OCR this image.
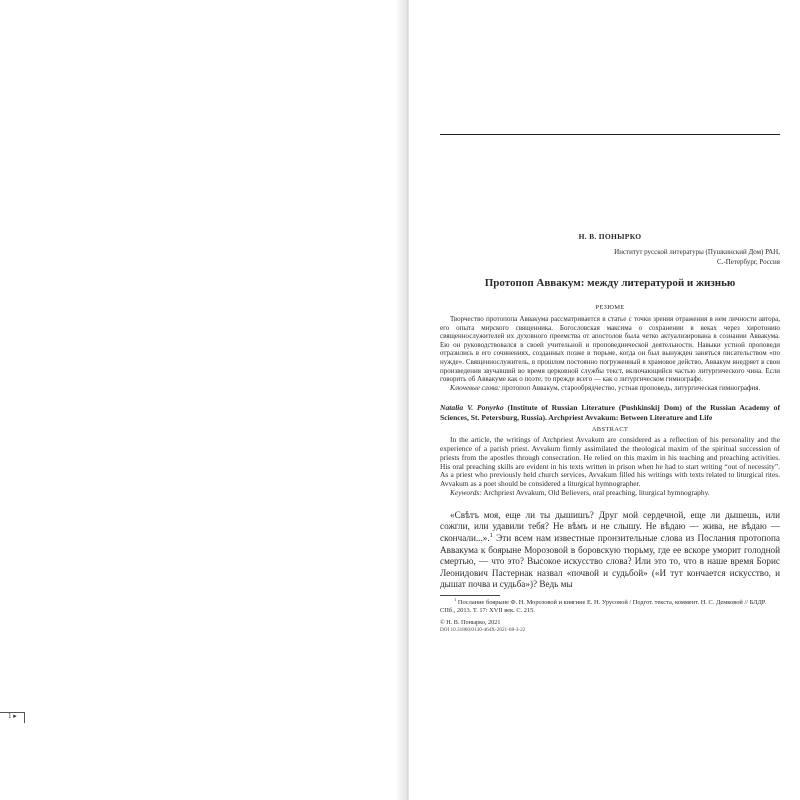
1 ▸
Н. В. ПОНЫРКО
Институт русской литературы (Пушкинский Дом) РАН,
С.-Петербург, Россия
Протопоп Аввакум: между литературой и жизнью
РЕЗЮМЕ

Творчество протопопа Аввакума рассматривается в статье с точки зрения отражения в нем личности автора, его опыта мирского священника. Богословская максима о сохранении в веках через хиротонию священнослужителей их духовного преемства от апостолов была четко актуализирована в сознании Аввакума. Ею он руководствовался в своей учительной и проповеднической деятельности. Навыки устной проповеди отразились в его сочинениях, созданных позже в тюрьме, когда он был вынужден заняться писательством «по нужде». Священнослужитель, в прошлом постоянно погруженный в храмовое действо, Аввакум внедряет в свои произведения звучавший во время церковной службы текст, включающийся частью литургического чина. Если говорить об Аввакуме как о поэте, то прежде всего — как о литургическом гимнографе.

Ключевые слова: протопоп Аввакум, старообрядчество, устная проповедь, литургическая гимнография.

Natalia V. Ponyrko (Institute of Russian Literature (Pushkinskij Dom) of the Russian Academy of Sciences, St. Petersburg, Russia). Archpriest Avvakum: Between Literature and Life
ABSTRACT

In the article, the writings of Archpriest Avvakum are considered as a reflection of his personality and the experience of a parish priest. Avvakum firmly assimilated the theological maxim of the spiritual succession of priests from the apostles through consecration. He relied on this maxim in his teaching and preaching activities. His oral preaching skills are evident in his texts written in prison when he had to start writing “out of necessity”. As a priest who previously held church services, Avvakum filled his writings with texts related to liturgical rites. Avvakum as a poet should be considered a liturgical hymnographer.

Keywords: Archpriest Avvakum, Old Believers, oral preaching, liturgical hymnography.

«Свѣтъ моя, еще ли ты дышишъ? Друг мой сердечной, еще ли дышешь, или сожгли, или удавили тебя? Не вѣмъ и не слышу. Не вѣдаю — жива, не вѣдаю — скончали...».$^1$ Эти всем нам известные пронзительные слова из Послания протопопа Аввакума к боярыне Морозовой в боровскую тюрьму, где ее вскоре уморит голодной смертью, — что это? Высокое искусство слова? Или это то, что в наше время Борис Леонидович Пастернак назвал «почвой и судьбой» («И тут кончается искусство, и дышат почва и судьба»)? Ведь мы

$^1$ Послание боярыне Ф. Н. Морозовой и княгине Е. Н. Урусовой / Подгот. текста, коммент. Н. С. Демковой // БЛДР. СПб., 2013. Т. 17: XVII век. С. 215.
© Н. В. Понырко, 2021
DOI 10.31860/0130-464X-2021-68-3-22
